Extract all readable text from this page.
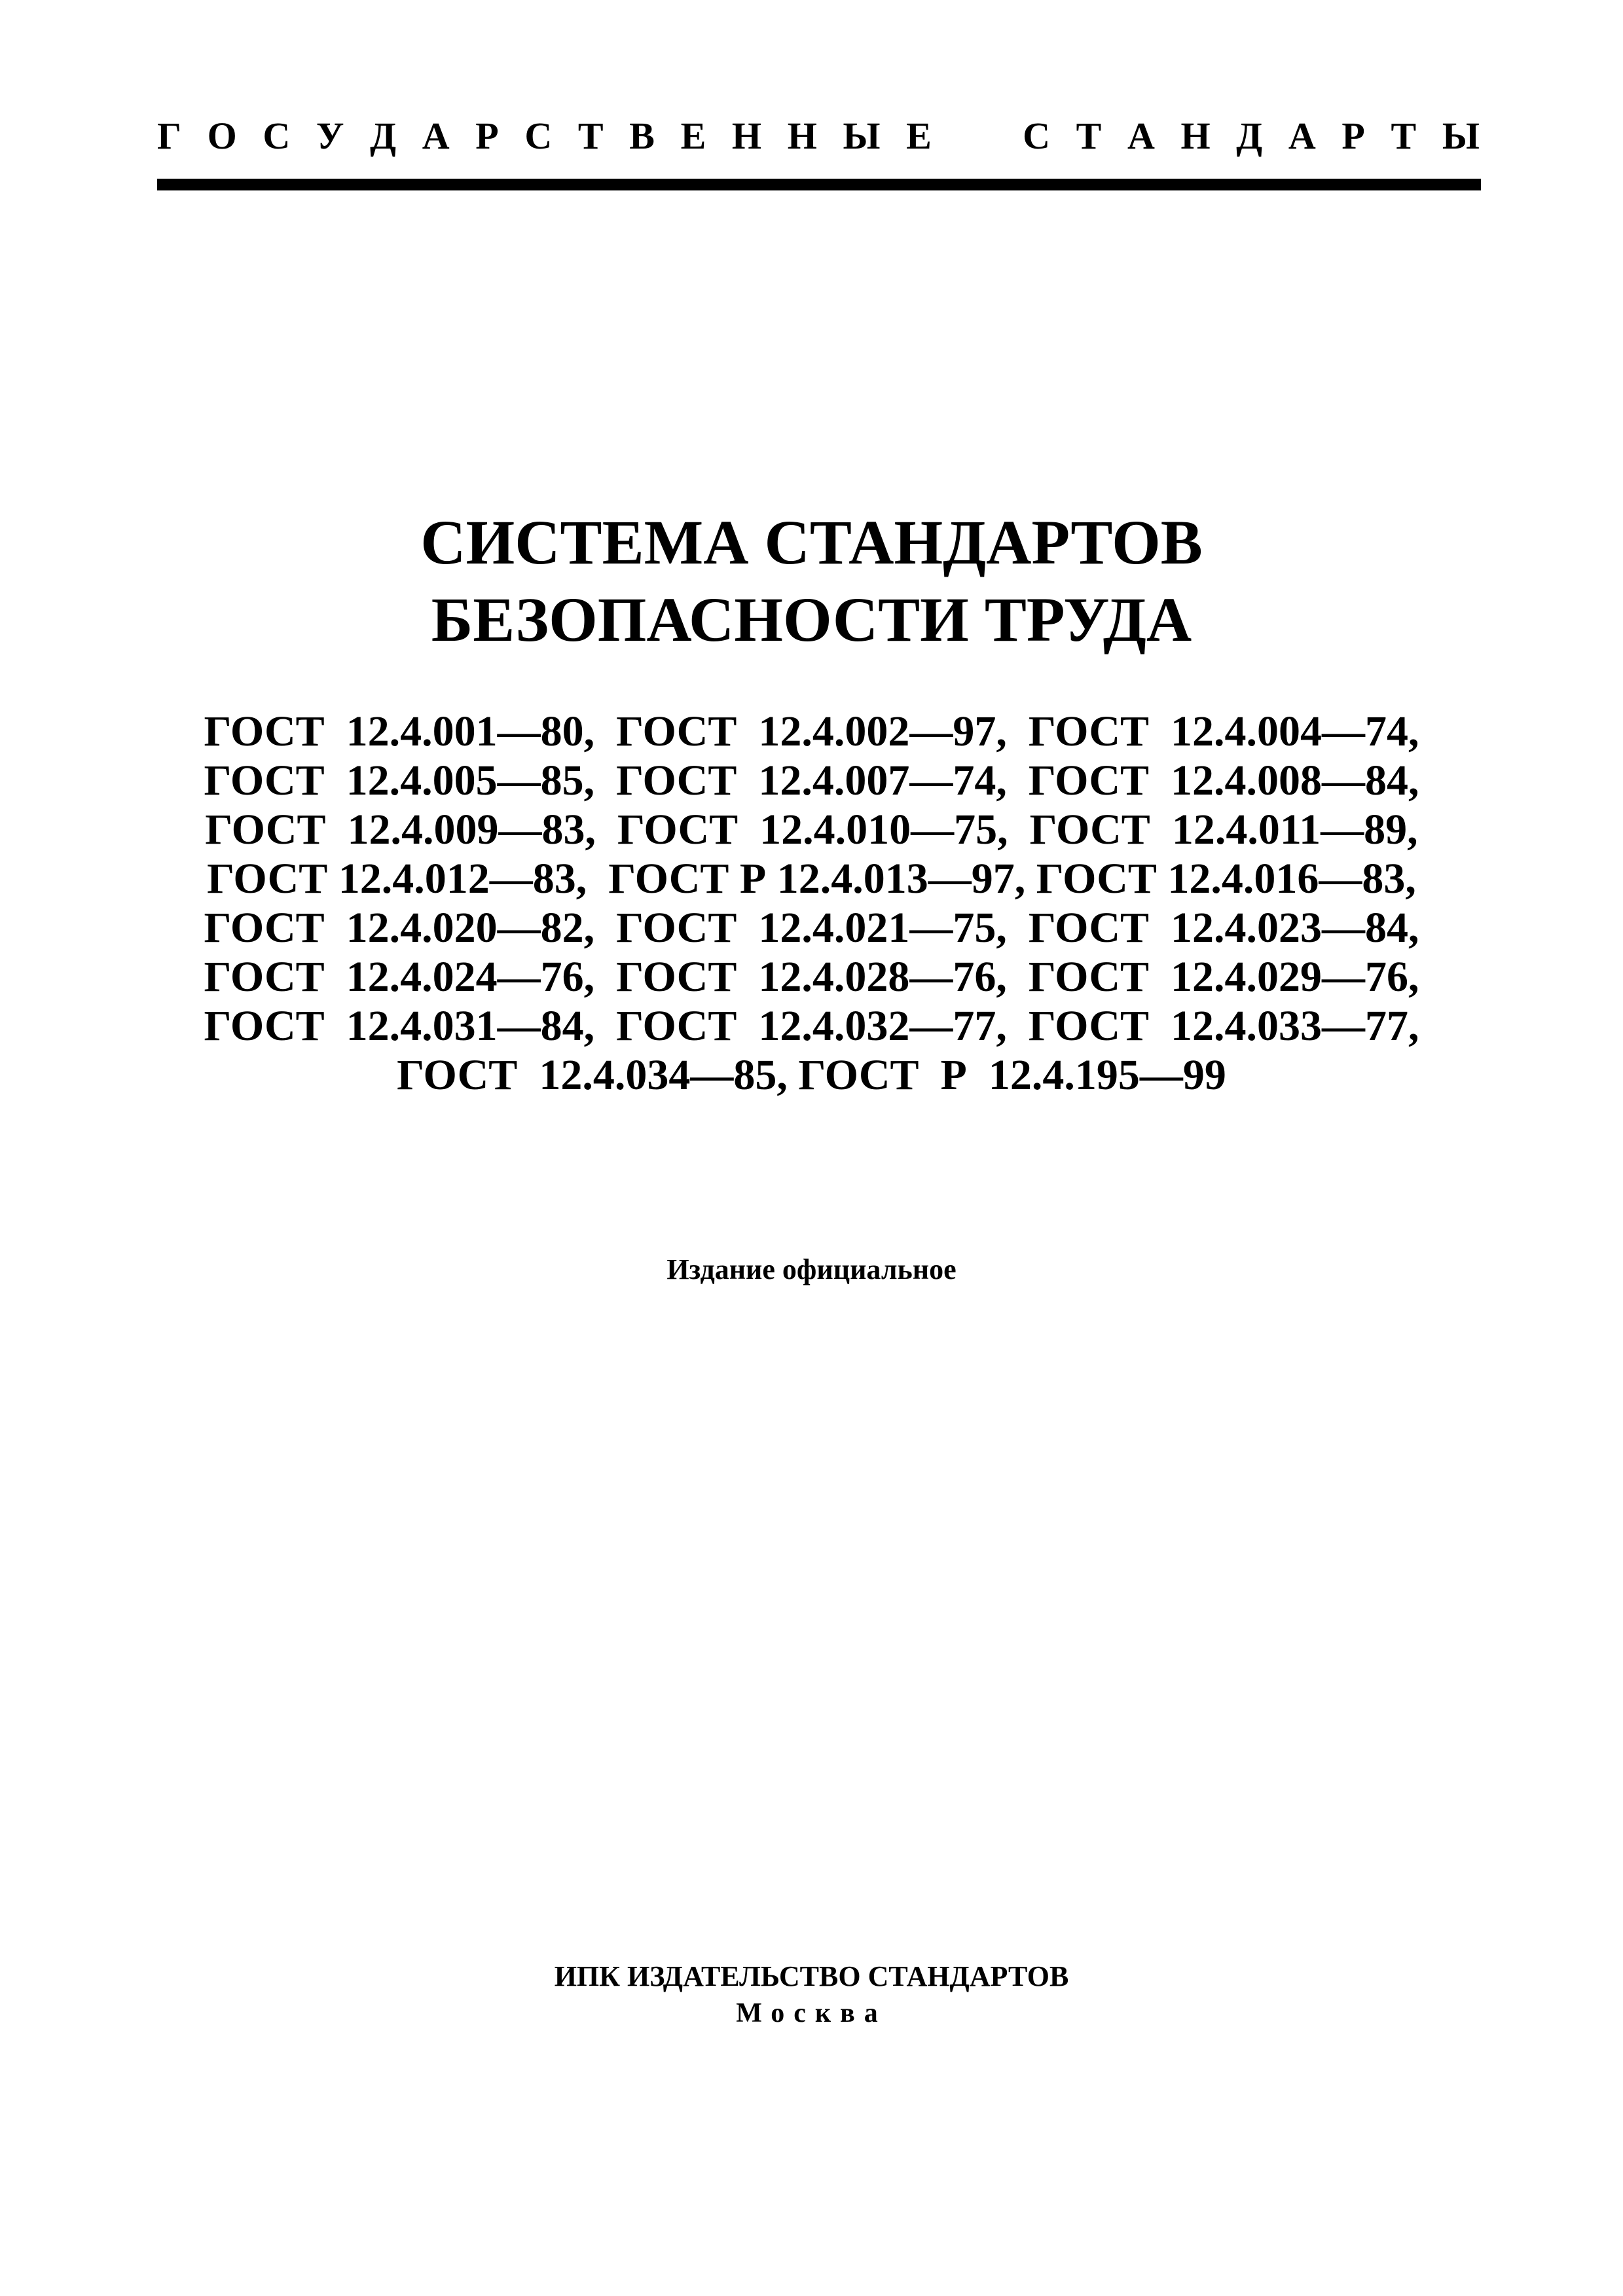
Г О С У Д А Р С Т В Е Н Н Ы Е С Т А Н Д А Р Т Ы
СИСТЕМА СТАНДАРТОВ
БЕЗОПАСНОСТИ ТРУДА
ГОСТ  12.4.001—80,  ГОСТ  12.4.002—97,  ГОСТ  12.4.004—74,
ГОСТ  12.4.005—85,  ГОСТ  12.4.007—74,  ГОСТ  12.4.008—84,
ГОСТ  12.4.009—83,  ГОСТ  12.4.010—75,  ГОСТ  12.4.011—89,
ГОСТ 12.4.012—83,  ГОСТ Р 12.4.013—97, ГОСТ 12.4.016—83,
ГОСТ  12.4.020—82,  ГОСТ  12.4.021—75,  ГОСТ  12.4.023—84,
ГОСТ  12.4.024—76,  ГОСТ  12.4.028—76,  ГОСТ  12.4.029—76,
ГОСТ  12.4.031—84,  ГОСТ  12.4.032—77,  ГОСТ  12.4.033—77,
ГОСТ  12.4.034—85, ГОСТ  Р  12.4.195—99
Издание официальное
ИПК ИЗДАТЕЛЬСТВО СТАНДАРТОВ
Москва
